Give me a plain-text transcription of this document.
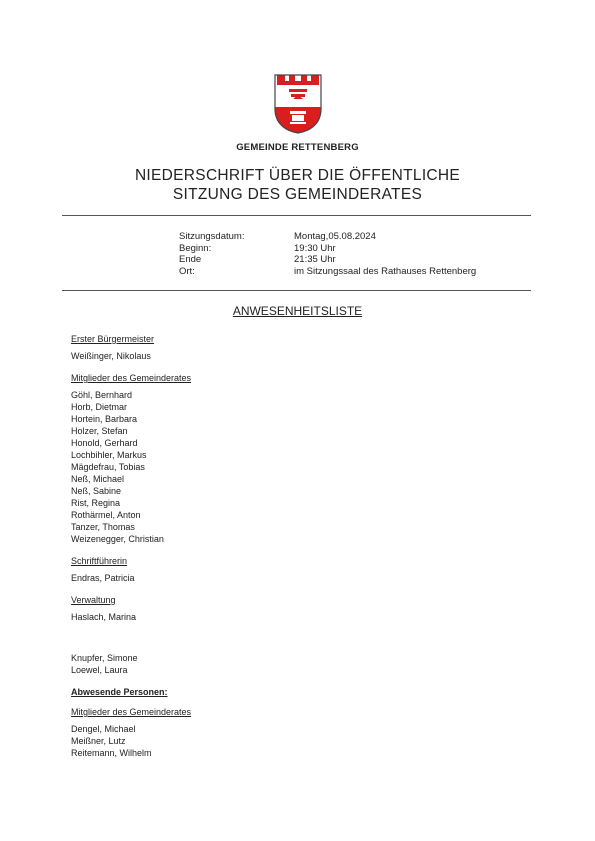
GEMEINDE RETTENBERG
NIEDERSCHRIFT ÜBER DIE ÖFFENTLICHE
SITZUNG DES GEMEINDERATES
Sitzungsdatum:	Montag,05.08.2024
Beginn:	19:30 Uhr
Ende	21:35 Uhr
Ort:	im Sitzungssaal des Rathauses Rettenberg
ANWESENHEITSLISTE
Erster Bürgermeister
Weißinger, Nikolaus
Mitglieder des Gemeinderates
Göhl, Bernhard
Horb, Dietmar
Hortein, Barbara
Holzer, Stefan
Honold, Gerhard
Lochbihler, Markus
Mägdefrau, Tobias
Neß, Michael
Neß, Sabine
Rist, Regina
Rothärmel, Anton
Tanzer, Thomas
Weizenegger, Christian
Schriftführerin
Endras, Patricia
Verwaltung
Haslach, Marina
Knupfer, Simone
Loewel, Laura
Abwesende Personen:
Mitglieder des Gemeinderates
Dengel, Michael
Meißner, Lutz
Reitemann, Wilhelm
